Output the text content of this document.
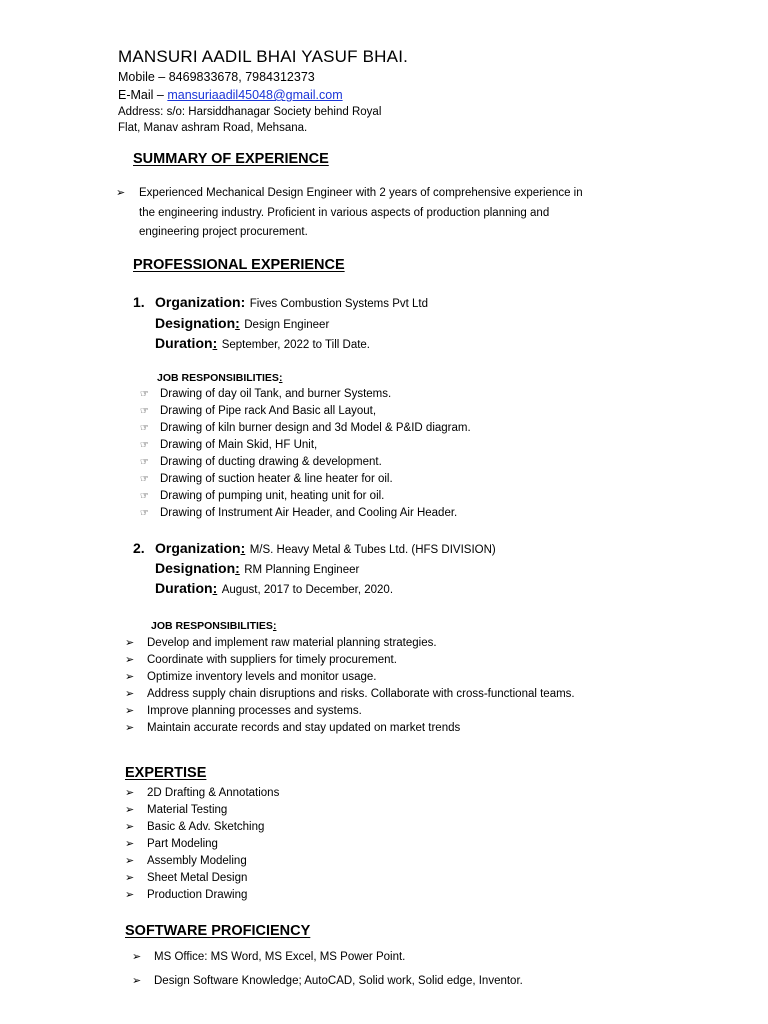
MANSURI AADIL BHAI YASUF BHAI.
Mobile – 8469833678, 7984312373
E-Mail – mansuriaadil45048@gmail.com
Address: s/o: Harsiddhanagar Society behind Royal
Flat, Manav ashram Road, Mehsana.
SUMMARY OF EXPERIENCE
➢ Experienced Mechanical Design Engineer with 2 years of comprehensive experience in
the engineering industry. Proficient in various aspects of production planning and
engineering project procurement.
PROFESSIONAL EXPERIENCE
1. Organization: Fives Combustion Systems Pvt Ltd
Designation: Design Engineer
Duration: September, 2022 to Till Date.
JOB RESPONSIBILITIES:
☞ Drawing of day oil Tank, and burner Systems.
☞ Drawing of Pipe rack And Basic all Layout,
☞ Drawing of kiln burner design and 3d Model & P&ID diagram.
☞ Drawing of Main Skid, HF Unit,
☞ Drawing of ducting drawing & development.
☞ Drawing of suction heater & line heater for oil.
☞ Drawing of pumping unit, heating unit for oil.
☞ Drawing of Instrument Air Header, and Cooling Air Header.
2. Organization: M/S. Heavy Metal & Tubes Ltd. (HFS DIVISION)
Designation: RM Planning Engineer
Duration: August, 2017 to December, 2020.
JOB RESPONSIBILITIES:
➢ Develop and implement raw material planning strategies.
➢ Coordinate with suppliers for timely procurement.
➢ Optimize inventory levels and monitor usage.
➢ Address supply chain disruptions and risks. Collaborate with cross-functional teams.
➢ Improve planning processes and systems.
➢ Maintain accurate records and stay updated on market trends
EXPERTISE
➢ 2D Drafting & Annotations
➢ Material Testing
➢ Basic & Adv. Sketching
➢ Part Modeling
➢ Assembly Modeling
➢ Sheet Metal Design
➢ Production Drawing
SOFTWARE PROFICIENCY
➢ MS Office: MS Word, MS Excel, MS Power Point.
➢ Design Software Knowledge; AutoCAD, Solid work, Solid edge, Inventor.
